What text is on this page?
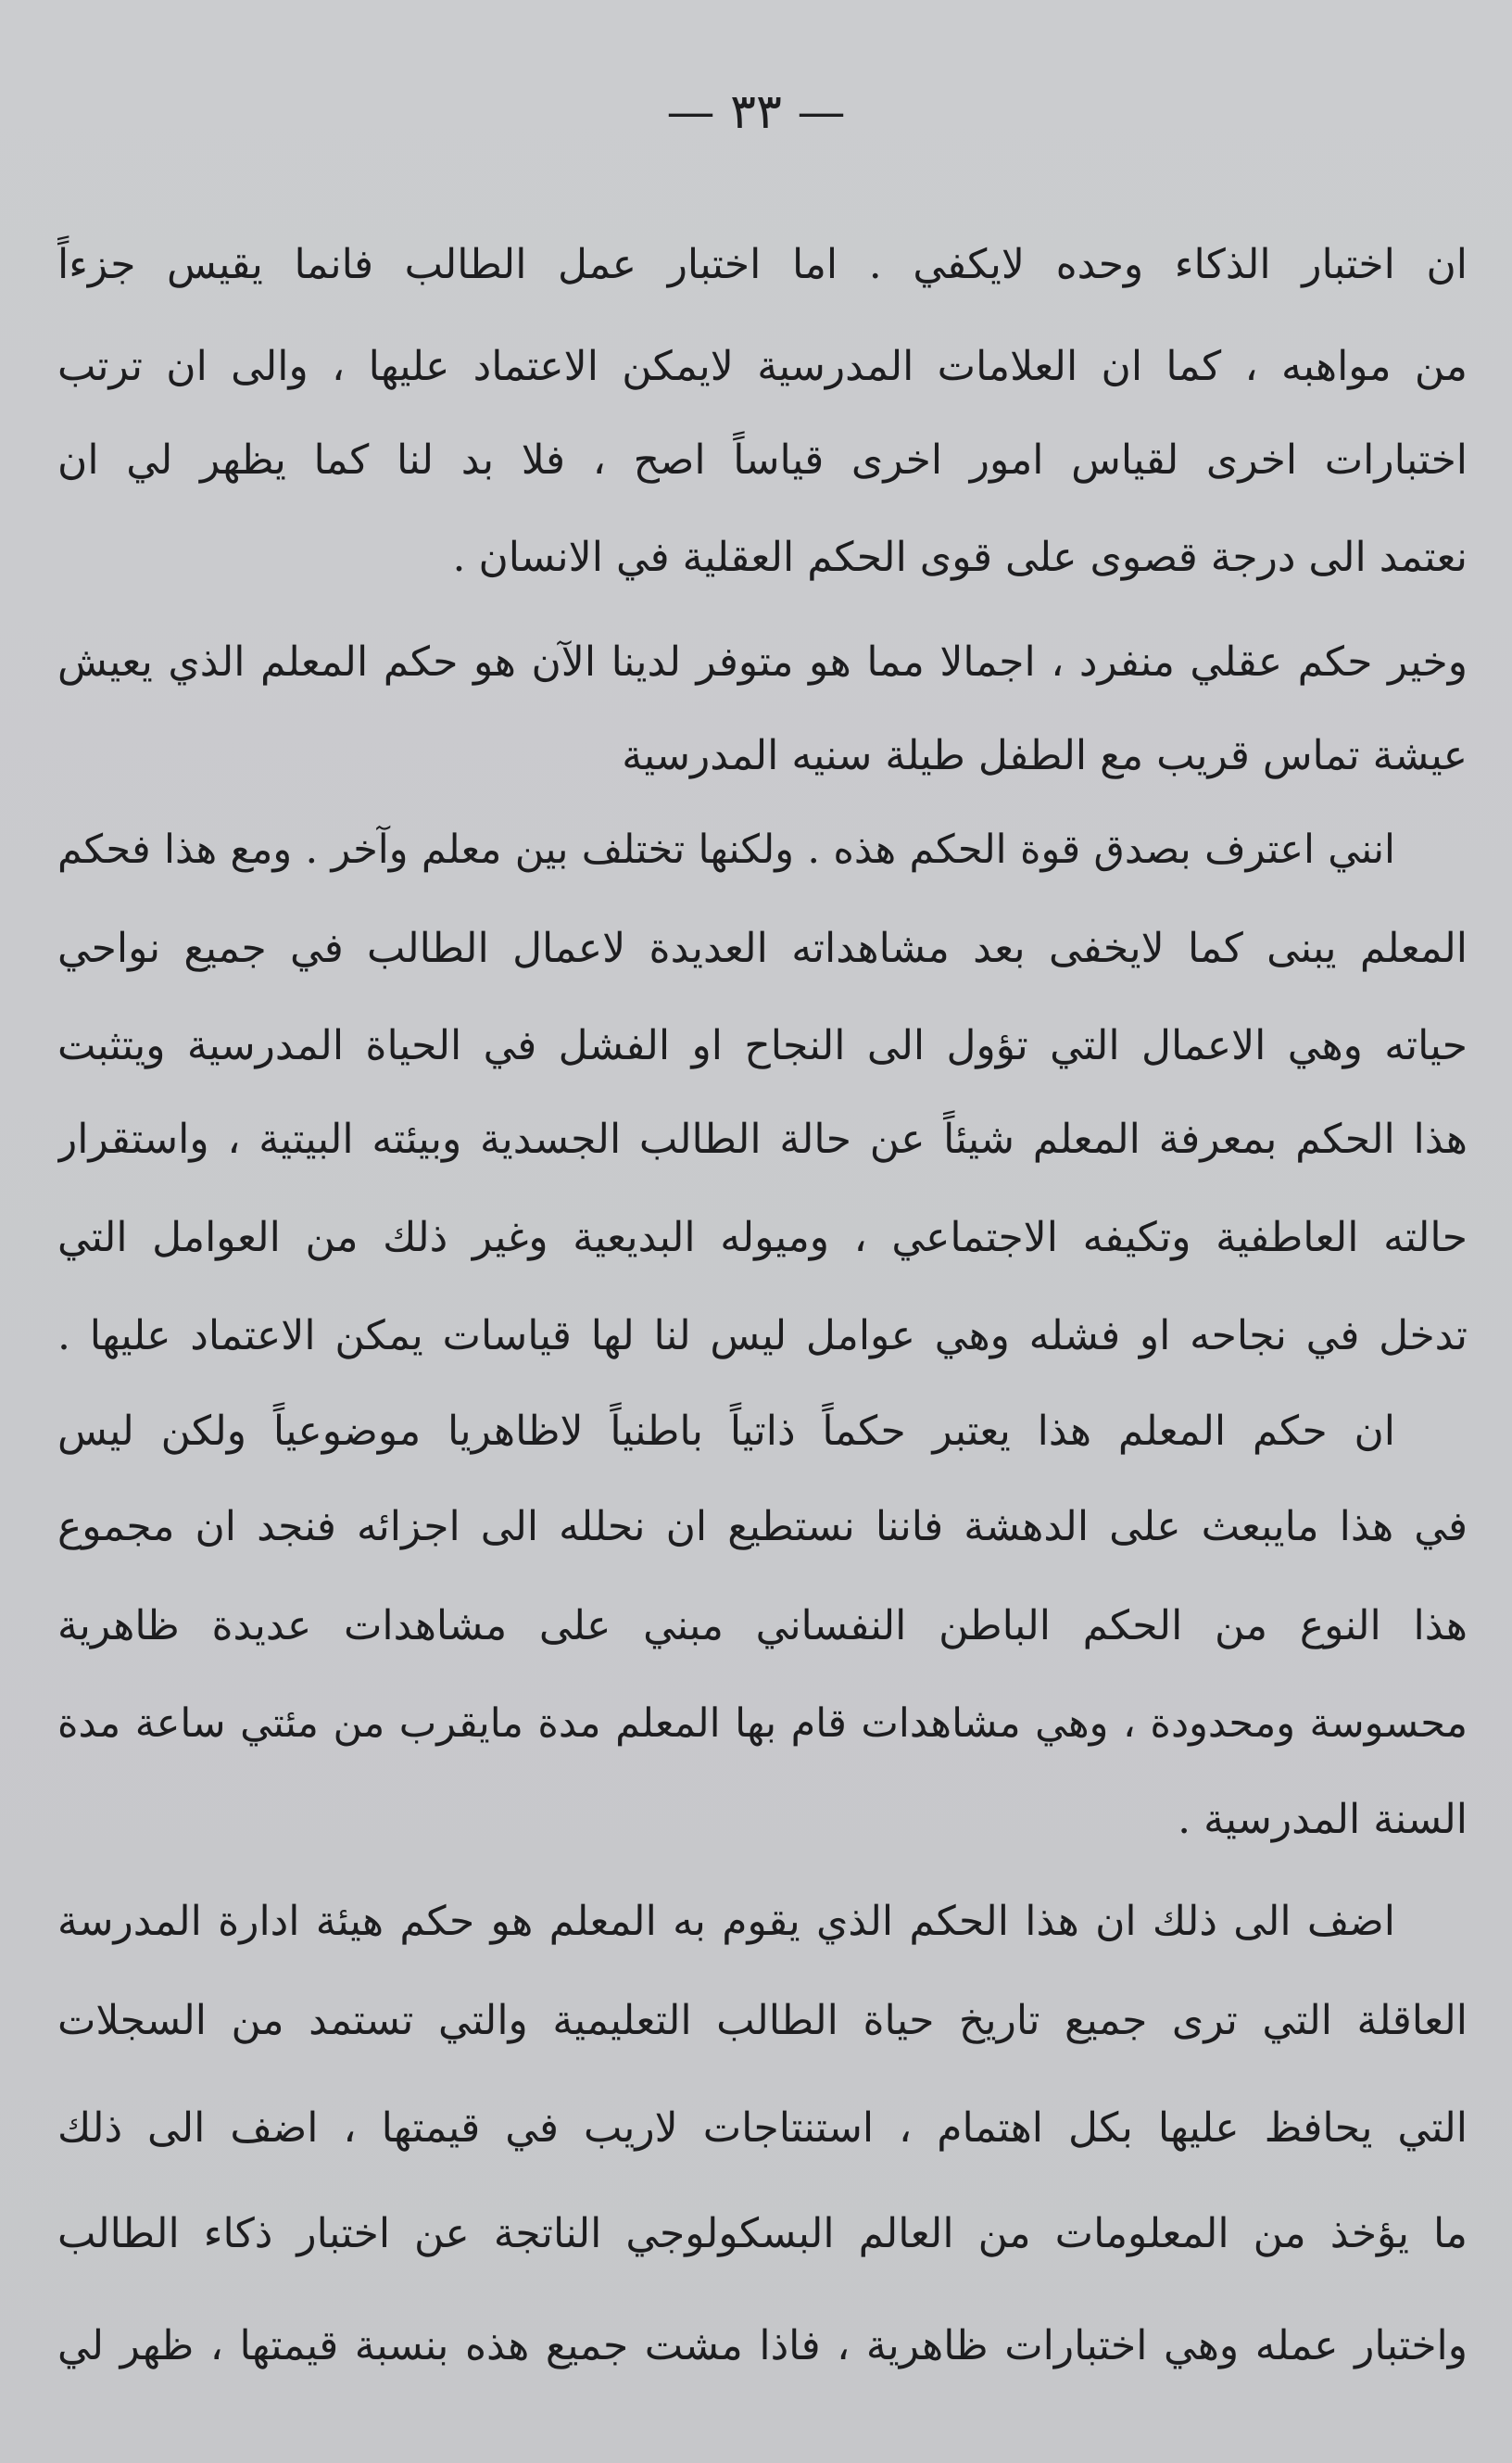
— ٣٣ —
ان اختبار الذكاء وحده لايكفي . اما اختبار عمل الطالب فانما يقيس جزءاً
من مواهبه ، كما ان العلامات المدرسية لايمكن الاعتماد عليها ، والى ان ترتب
اختبارات اخرى لقياس امور اخرى قياساً اصح ، فلا بد لنا كما يظهر لي ان
نعتمد الى درجة قصوى على قوى الحكم العقلية في الانسان .
وخير حكم عقلي منفرد ، اجمالا مما هو متوفر لدينا الآن هو حكم المعلم الذي يعيش
عيشة تماس قريب مع الطفل طيلة سنيه المدرسية
انني اعترف بصدق قوة الحكم هذه . ولكنها تختلف بين معلم وآخر . ومع هذا فحكم
المعلم يبنى كما لايخفى بعد مشاهداته العديدة لاعمال الطالب في جميع نواحي
حياته وهي الاعمال التي تؤول الى النجاح او الفشل في الحياة المدرسية ويتثبت
هذا الحكم بمعرفة المعلم شيئاً عن حالة الطالب الجسدية وبيئته البيتية ، واستقرار
حالته العاطفية وتكيفه الاجتماعي ، وميوله البديعية وغير ذلك من العوامل التي
تدخل في نجاحه او فشله وهي عوامل ليس لنا لها قياسات يمكن الاعتماد عليها .
ان حكم المعلم هذا يعتبر حكماً ذاتياً باطنياً لاظاهريا موضوعياً ولكن ليس
في هذا مايبعث على الدهشة فاننا نستطيع ان نحلله الى اجزائه فنجد ان مجموع
هذا النوع من الحكم الباطن النفساني مبني على مشاهدات عديدة ظاهرية
محسوسة ومحدودة ، وهي مشاهدات قام بها المعلم مدة مايقرب من مئتي ساعة مدة
السنة المدرسية .
اضف الى ذلك ان هذا الحكم الذي يقوم به المعلم هو حكم هيئة ادارة المدرسة
العاقلة التي ترى جميع تاريخ حياة الطالب التعليمية والتي تستمد من السجلات
التي يحافظ عليها بكل اهتمام ، استنتاجات لاريب في قيمتها ، اضف الى ذلك
ما يؤخذ من المعلومات من العالم البسكولوجي الناتجة عن اختبار ذكاء الطالب
واختبار عمله وهي اختبارات ظاهرية ، فاذا مشت جميع هذه بنسبة قيمتها ، ظهر لي
